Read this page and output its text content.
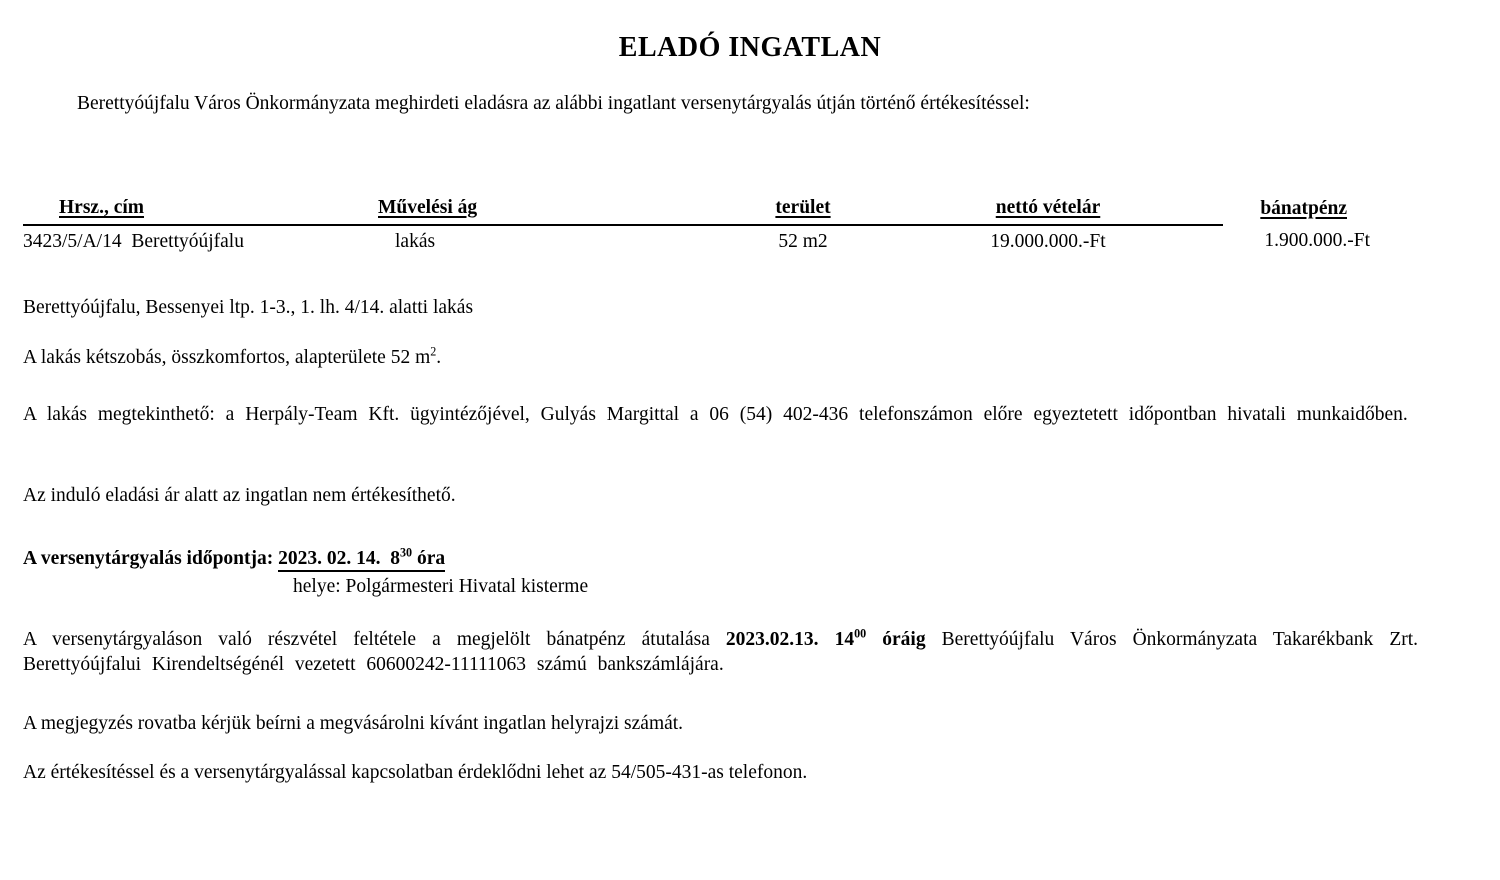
ELADÓ INGATLAN

Berettyóújfalu Város Önkormányzata meghirdeti eladásra az alábbi ingatlant versenytárgyalás útján történő értékesítéssel:

Hrsz., cím	Művelési ág	terület	nettó vételár		bánatpénz
3423/5/A/14  Berettyóújfalu	lakás	52 m2	19.000.000.-Ft		1.900.000.-Ft

Berettyóújfalu, Bessenyei ltp. 1-3., 1. lh. 4/14. alatti lakás

A lakás kétszobás, összkomfortos, alapterülete 52 $m^2$.

A lakás megtekinthető: a Herpály-Team Kft. ügyintézőjével, Gulyás Margittal a 06 (54) 402-436 telefonszámon előre egyeztetett időpontban hivatali munkaidőben.

Az induló eladási ár alatt az ingatlan nem értékesíthető.

A versenytárgyalás időpontja: 2023. 02. 14.  $8^{30}$ óra

helye: Polgármesteri Hivatal kisterme

A versenytárgyaláson való részvétel feltétele a megjelölt bánatpénz átutalása 2023.02.13. $14^{00}$ óráig Berettyóújfalu Város Önkormányzata Takarékbank Zrt. Berettyóújfalui Kirendeltségénél vezetett 60600242-11111063 számú bankszámlájára.

A megjegyzés rovatba kérjük beírni a megvásárolni kívánt ingatlan helyrajzi számát.

Az értékesítéssel és a versenytárgyalással kapcsolatban érdeklődni lehet az 54/505-431-as telefonon.
